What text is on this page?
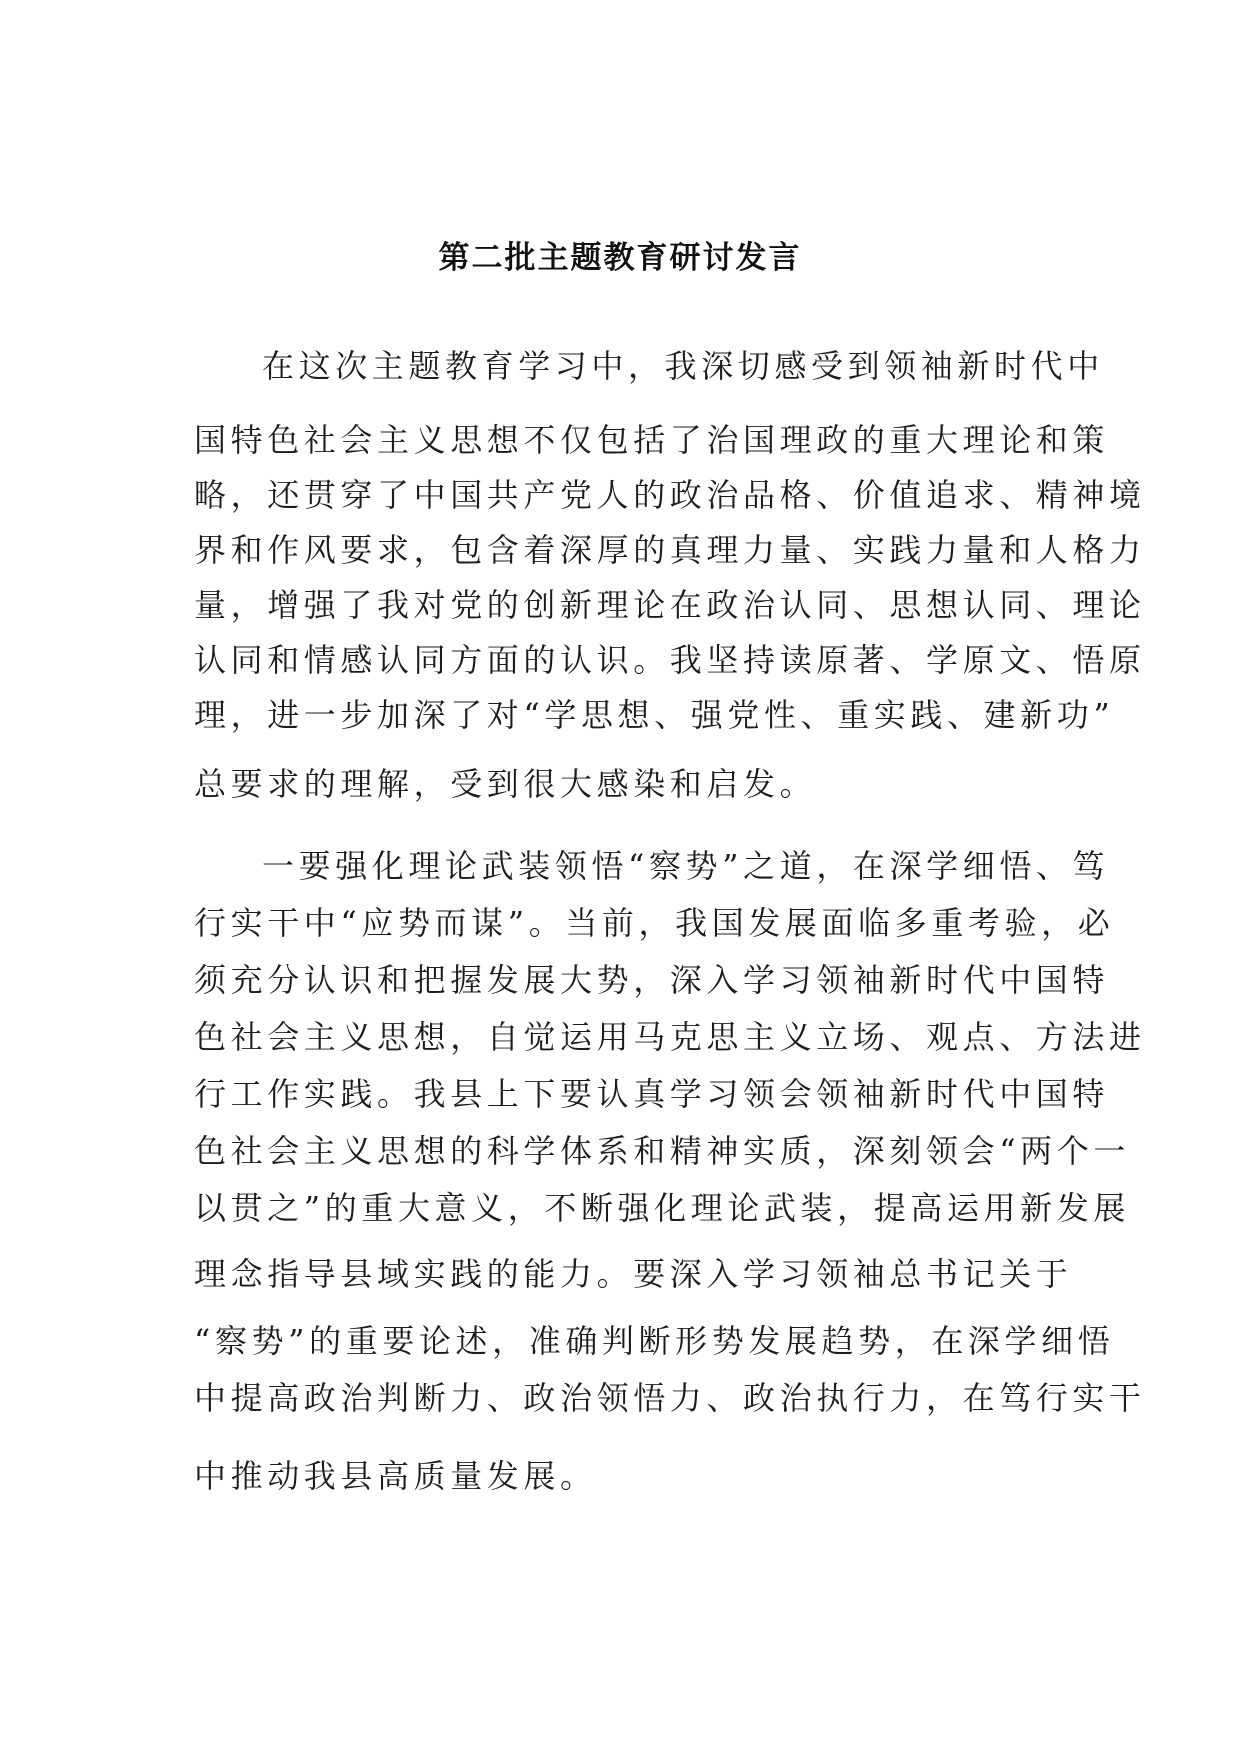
第二批主题教育研讨发言
在这次主题教育学习中，我深切感受到领袖新时代中
国特色社会主义思想不仅包括了治国理政的重大理论和策
略，还贯穿了中国共产党人的政治品格、价值追求、精神境
界和作风要求，包含着深厚的真理力量、实践力量和人格力
量，增强了我对党的创新理论在政治认同、思想认同、理论
认同和情感认同方面的认识。我坚持读原著、学原文、悟原
理，进一步加深了对“学思想、强党性、重实践、建新功”
总要求的理解，受到很大感染和启发。
一要强化理论武装领悟“察势”之道，在深学细悟、笃
行实干中“应势而谋”。当前，我国发展面临多重考验，必
须充分认识和把握发展大势，深入学习领袖新时代中国特
色社会主义思想，自觉运用马克思主义立场、观点、方法进
行工作实践。我县上下要认真学习领会领袖新时代中国特
色社会主义思想的科学体系和精神实质，深刻领会“两个一
以贯之”的重大意义，不断强化理论武装，提高运用新发展
理念指导县域实践的能力。要深入学习领袖总书记关于
“察势”的重要论述，准确判断形势发展趋势，在深学细悟
中提高政治判断力、政治领悟力、政治执行力，在笃行实干
中推动我县高质量发展。
